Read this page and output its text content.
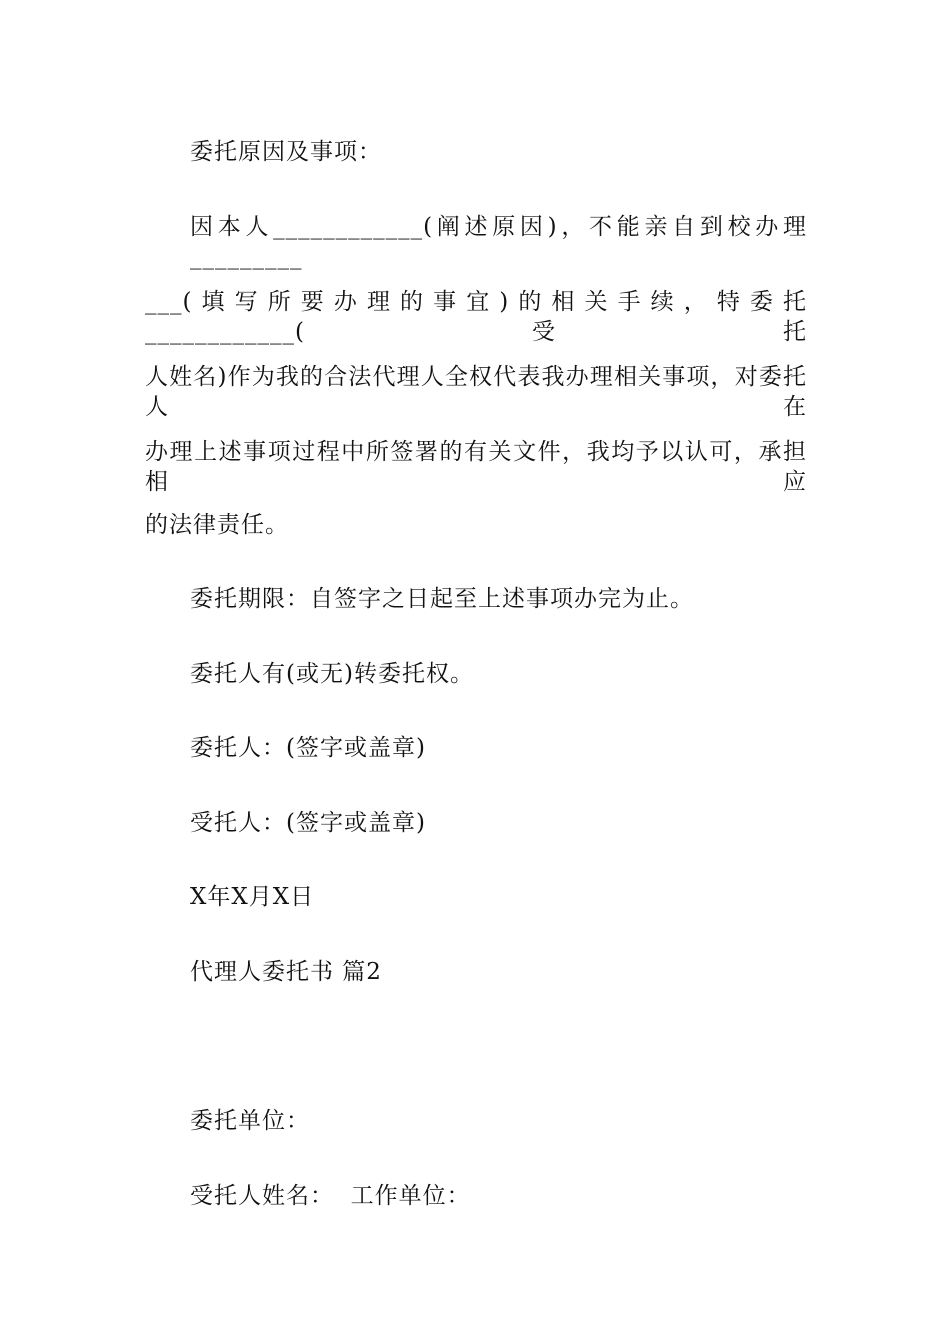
委托原因及事项：
因本人____________(阐述原因)，不能亲自到校办理_________
___(填写所要办理的事宜)的相关手续，特委托____________(受托
人姓名)作为我的合法代理人全权代表我办理相关事项，对委托人在
办理上述事项过程中所签署的有关文件，我均予以认可，承担相应
的法律责任。
委托期限：自签字之日起至上述事项办完为止。
委托人有(或无)转委托权。
委托人：(签字或盖章)
受托人：(签字或盖章)
X年X月X日
代理人委托书 篇2
委托单位：
受托人姓名：  工作单位：
